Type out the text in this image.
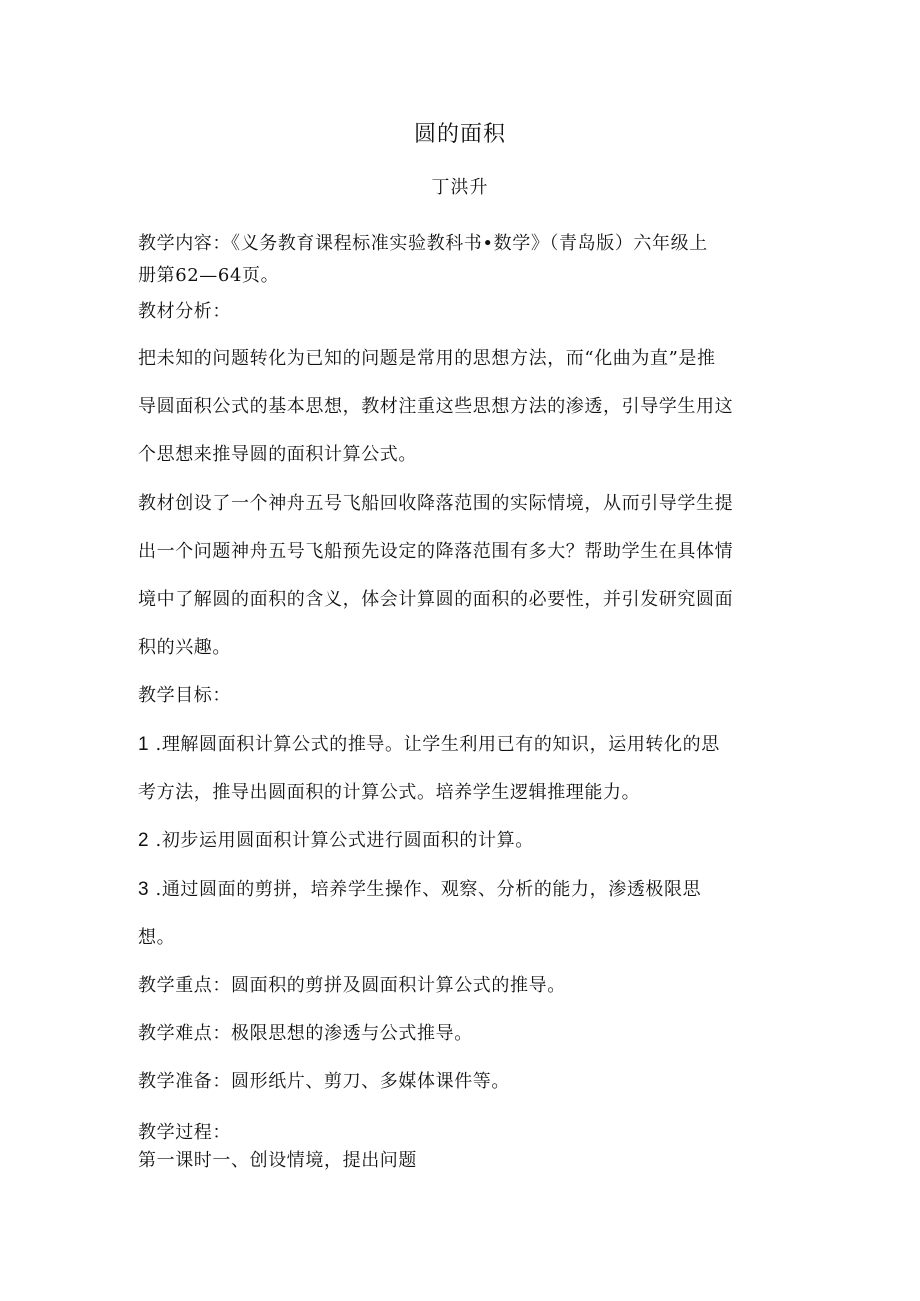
圆的面积
丁洪升
教学内容：《义务教育课程标准实验教科书•数学》（青岛版）六年级上
册第62—64页。
教材分析：
把未知的问题转化为已知的问题是常用的思想方法，而“化曲为直”是推
导圆面积公式的基本思想，教材注重这些思想方法的渗透，引导学生用这
个思想来推导圆的面积计算公式。
教材创设了一个神舟五号飞船回收降落范围的实际情境，从而引导学生提
出一个问题神舟五号飞船预先设定的降落范围有多大？帮助学生在具体情
境中了解圆的面积的含义，体会计算圆的面积的必要性，并引发研究圆面
积的兴趣。
教学目标：
1 .理解圆面积计算公式的推导。让学生利用已有的知识，运用转化的思
考方法，推导出圆面积的计算公式。培养学生逻辑推理能力。
2 .初步运用圆面积计算公式进行圆面积的计算。
3 .通过圆面的剪拼，培养学生操作、观察、分析的能力，渗透极限思
想。
教学重点：圆面积的剪拼及圆面积计算公式的推导。
教学难点：极限思想的渗透与公式推导。
教学准备：圆形纸片、剪刀、多媒体课件等。
教学过程：
第一课时一、创设情境，提出问题
